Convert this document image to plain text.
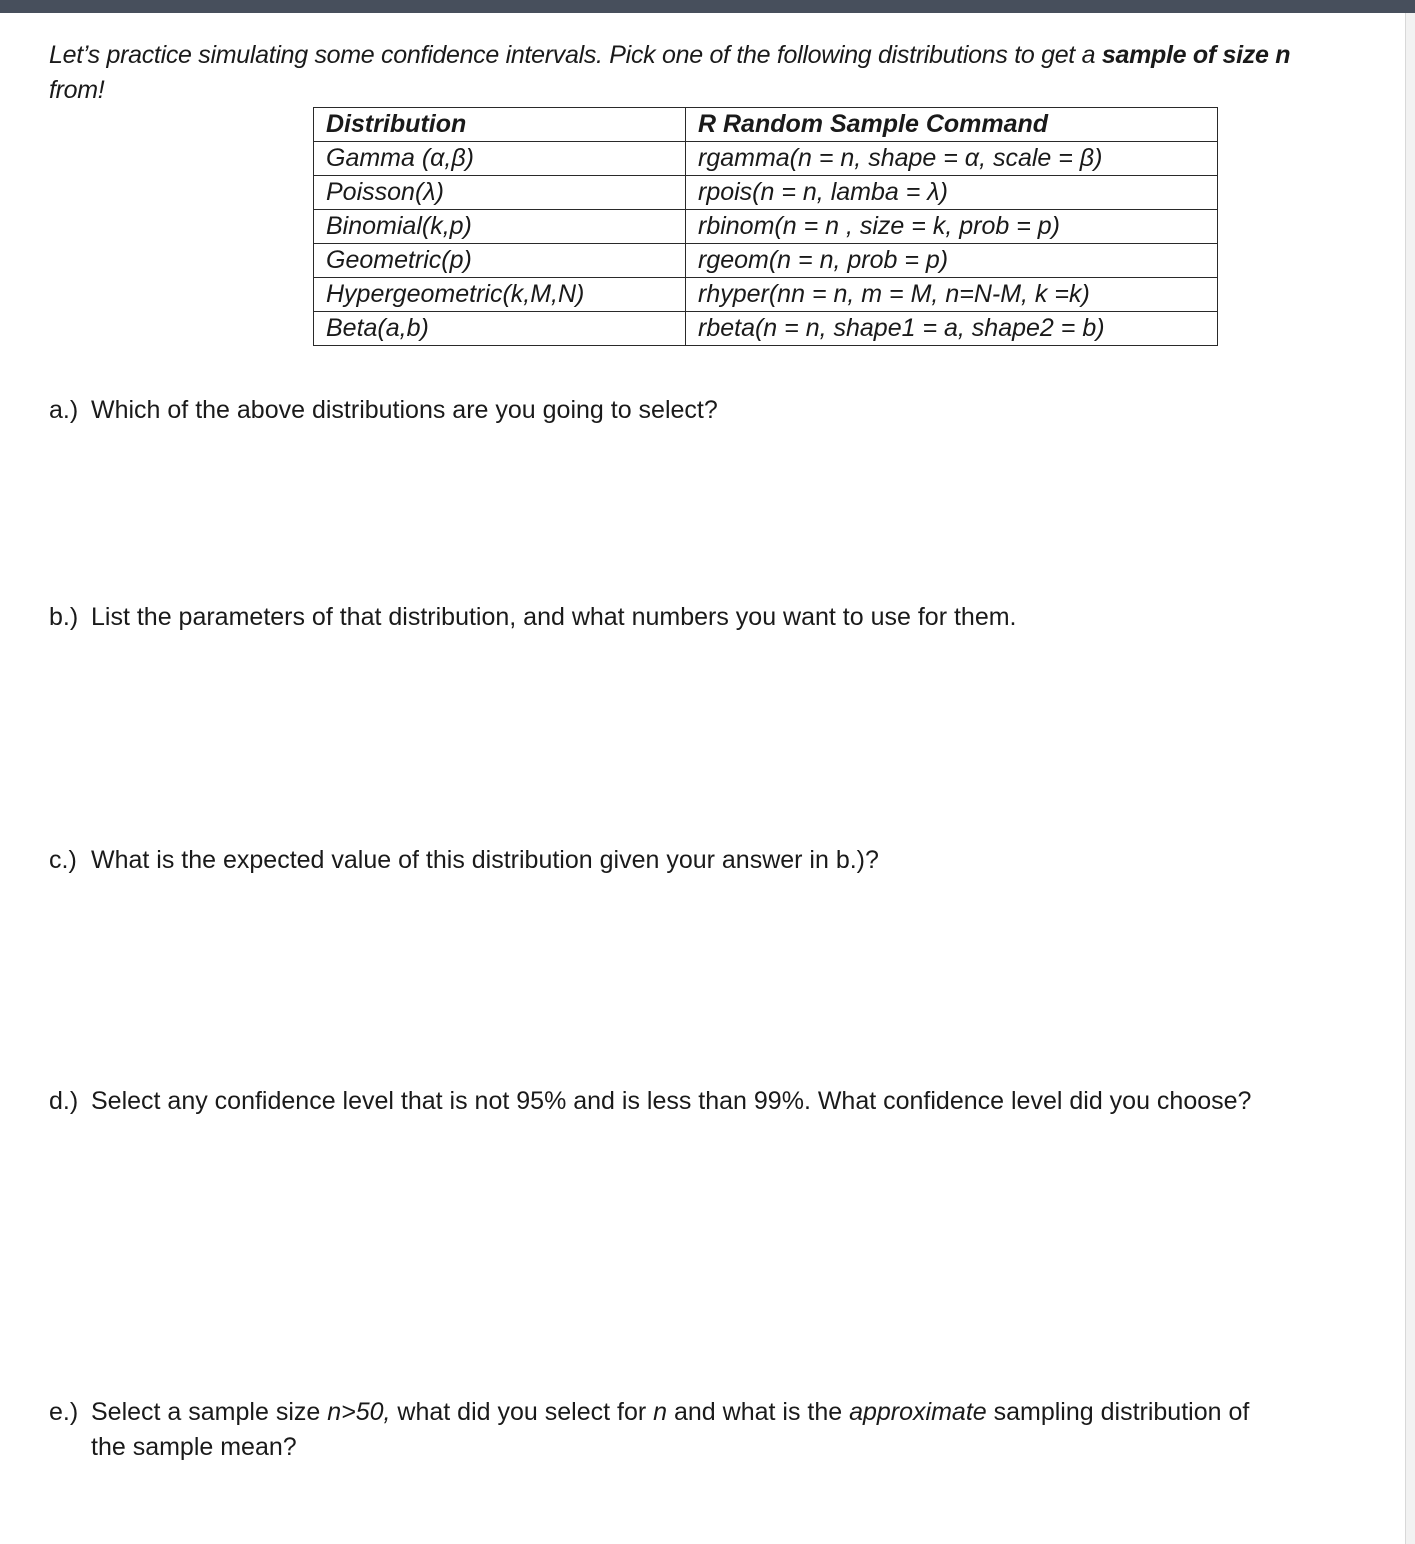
Let’s practice simulating some confidence intervals. Pick one of the following distributions to get a sample of size n from!
Distribution	R Random Sample Command
Gamma (α,β)	rgamma(n = n, shape = α, scale = β)
Poisson(λ)	rpois(n = n, lamba = λ)
Binomial(k,p)	rbinom(n = n , size = k, prob = p)
Geometric(p)	rgeom(n = n, prob = p)
Hypergeometric(k,M,N)	rhyper(nn = n, m = M, n=N-M, k =k)
Beta(a,b)	rbeta(n = n, shape1 = a, shape2 = b)
a.) Which of the above distributions are you going to select?
b.) List the parameters of that distribution, and what numbers you want to use for them.
c.) What is the expected value of this distribution given your answer in b.)?
d.) Select any confidence level that is not 95% and is less than 99%. What confidence level did you choose?
e.) Select a sample size n>50, what did you select for n and what is the approximate sampling distribution of the sample mean?
